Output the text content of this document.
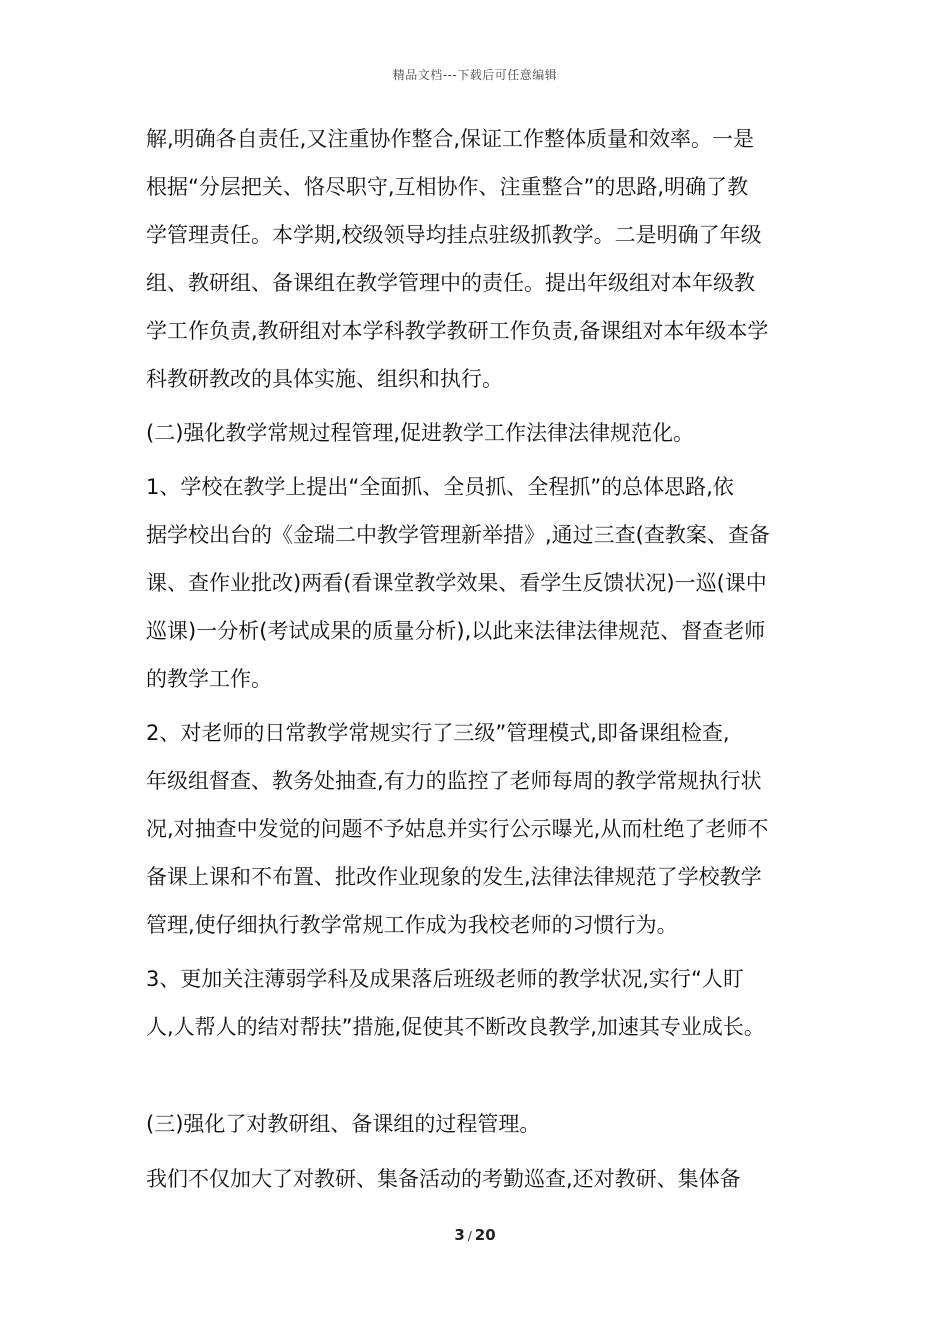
精品文档---下载后可任意编辑
解,明确各自责任,又注重协作整合,保证工作整体质量和效率。一是
根据“分层把关、恪尽职守,互相协作、注重整合”的思路,明确了教
学管理责任。本学期,校级领导均挂点驻级抓教学。二是明确了年级
组、教研组、备课组在教学管理中的责任。提出年级组对本年级教
学工作负责,教研组对本学科教学教研工作负责,备课组对本年级本学
科教研教改的具体实施、组织和执行。
(二)强化教学常规过程管理,促进教学工作法律法律规范化。
1、学校在教学上提出“全面抓、全员抓、全程抓”的总体思路,依
据学校出台的《金瑞二中教学管理新举措》,通过三查(查教案、查备
课、查作业批改)两看(看课堂教学效果、看学生反馈状况)一巡(课中
巡课)一分析(考试成果的质量分析),以此来法律法律规范、督查老师
的教学工作。
2、对老师的日常教学常规实行了三级”管理模式,即备课组检查,
年级组督查、教务处抽查,有力的监控了老师每周的教学常规执行状
况,对抽查中发觉的问题不予姑息并实行公示曝光,从而杜绝了老师不
备课上课和不布置、批改作业现象的发生,法律法律规范了学校教学
管理,使仔细执行教学常规工作成为我校老师的习惯行为。
3、更加关注薄弱学科及成果落后班级老师的教学状况,实行“人盯
人,人帮人的结对帮扶”措施,促使其不断改良教学,加速其专业成长。
(三)强化了对教研组、备课组的过程管理。
我们不仅加大了对教研、集备活动的考勤巡查,还对教研、集体备
3 / 20
